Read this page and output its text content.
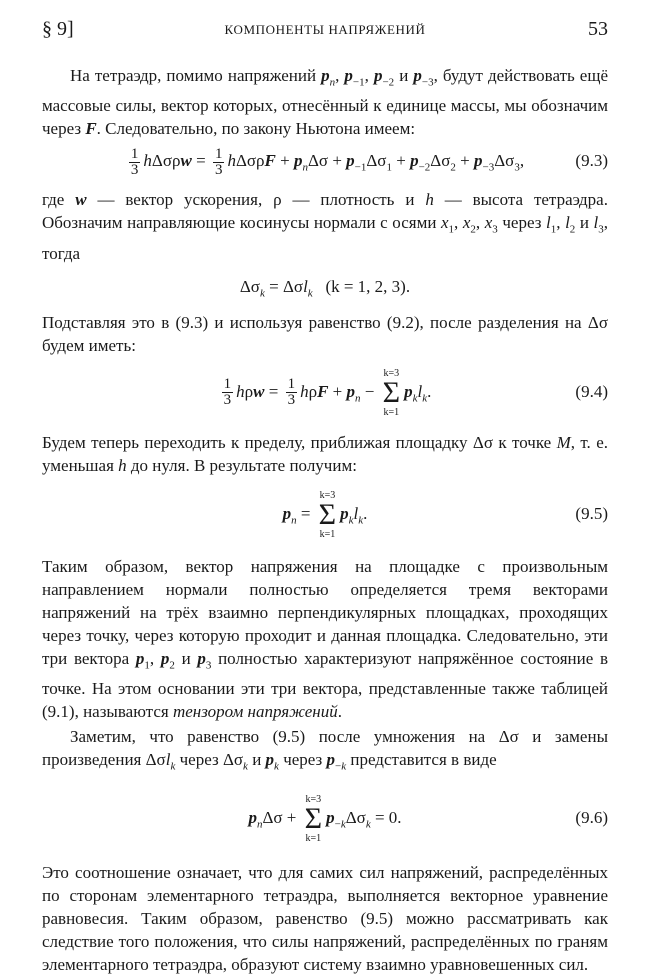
§ 9]	КОМПОНЕНТЫ НАПРЯЖЕНИЙ	53

На тетраэдр, помимо напряжений $p_n$, $p_{-1}$, $p_{-2}$ и $p_{-3}$, будут действовать ещё массовые силы, вектор которых, отнесённый к единице массы, мы обозначим через F. Следовательно, по закону Ньютона имеем:

$\frac{1}{3}$ $h\Delta\sigma\rho w = \frac{1}{3}$ $h\Delta\sigma\rho F + p_n\Delta\sigma + p_{-1}\Delta\sigma_1 + p_{-2}\Delta\sigma_2 + p_{-3}\Delta\sigma_3$,	(9.3)

где w — вектор ускорения, ρ — плотность и h — высота тетраэдра. Обозначим направляющие косинусы нормали с осями $x_1$, $x_2$, $x_3$ через $l_1$, $l_2$ и $l_3$, тогда

$\Delta\sigma_k = \Delta\sigma l_k$ (k = 1, 2, 3).

Подставляя это в (9.3) и используя равенство (9.2), после разделения на Δσ будем иметь:

$\frac{1}{3}$ $h\rho w = \frac{1}{3}$ $h\rho F + p_n$ −
k=3
Σ
k=1
$p_kl_k$.	(9.4)

Будем теперь переходить к пределу, приближая площадку Δσ к точке M, т. е. уменьшая h до нуля. В результате получим:

$p_n$ =
k=3
Σ
k=1
$p_kl_k$.	(9.5)

Таким образом, вектор напряжения на площадке с произвольным направлением нормали полностью определяется тремя векторами напряжений на трёх взаимно перпендикулярных площадках, проходящих через точку, через которую проходит и данная площадка. Следовательно, эти три вектора $p_1$, $p_2$ и $p_3$ полностью характеризуют напряжённое состояние в точке. На этом основании эти три вектора, представленные также таблицей (9.1), называются тензором напряжений.

Заметим, что равенство (9.5) после умножения на Δσ и замены произведения Δσl$_k$ через $\Delta\sigma_k$ и $p_k$ через $p_{-k}$ представится в виде

$p_n\Delta\sigma$ +
k=3
Σ
k=1
$p_{-k}\Delta\sigma_k = 0$.	(9.6)

Это соотношение означает, что для самих сил напряжений, распределённых по сторонам элементарного тетраэдра, выполняется векторное уравнение равновесия. Таким образом, равенство (9.5) можно рассматривать как следствие того положения, что силы напряжений, распределённых по граням элементарного тетраэдра, образуют систему взаимно уравновешенных сил.
